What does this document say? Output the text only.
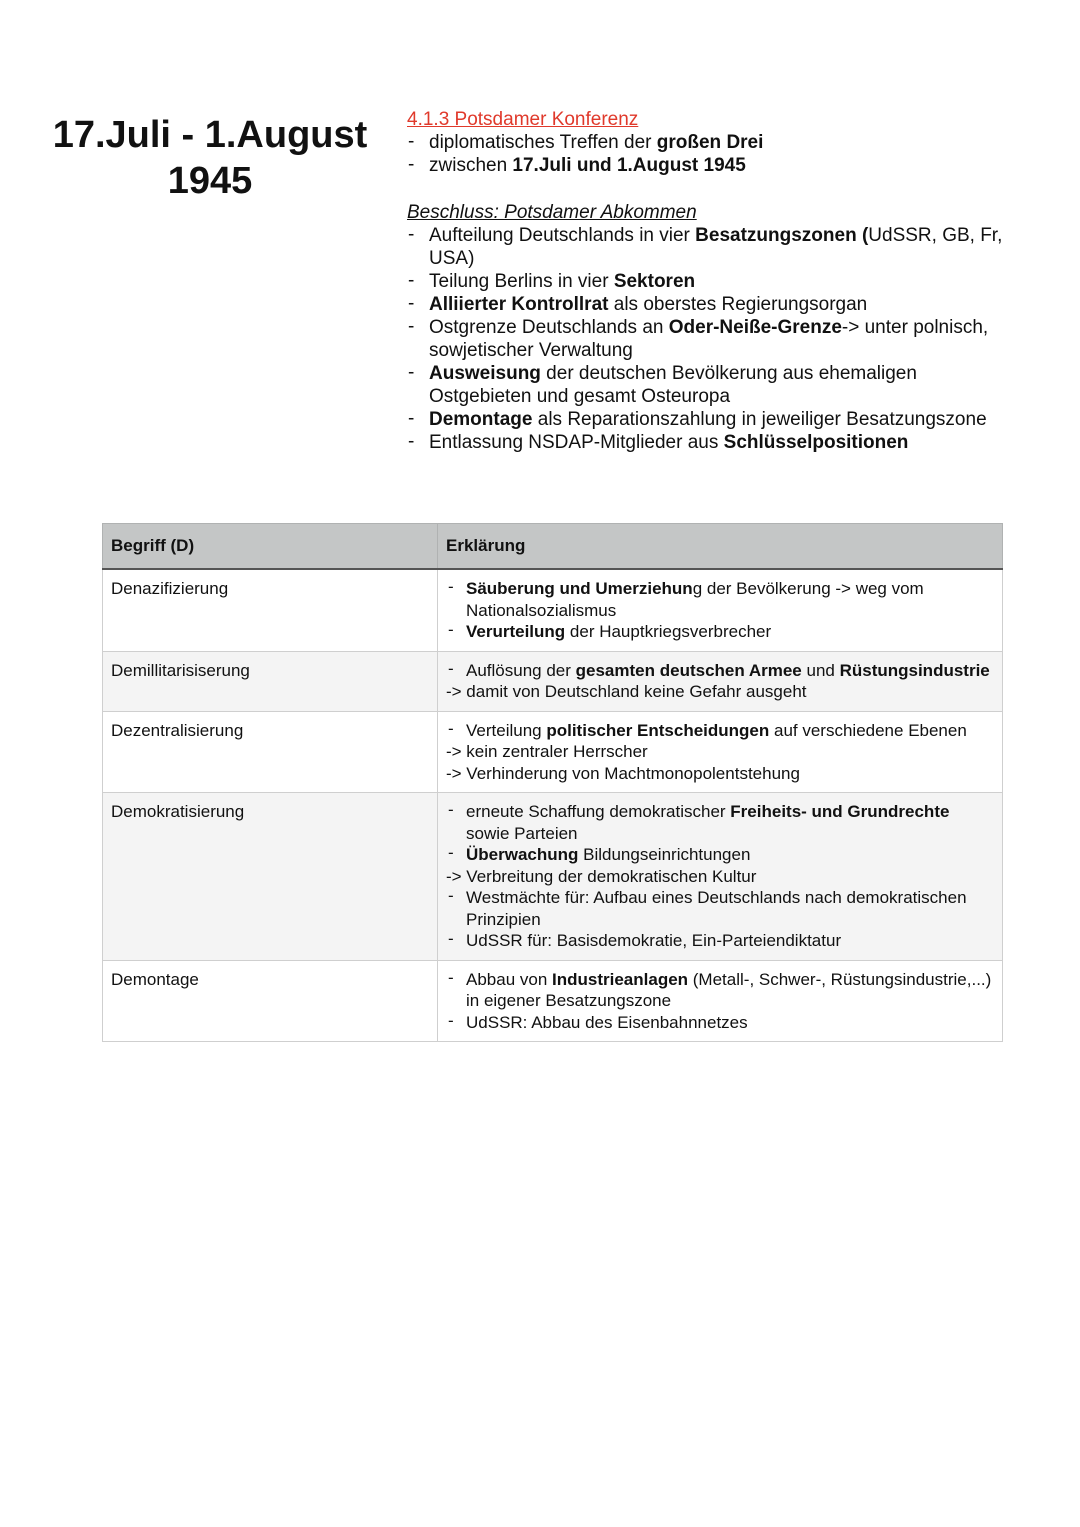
17.Juli - 1.August
1945
4.1.3 Potsdamer Konferenz
- diplomatisches Treffen der großen Drei
- zwischen 17.Juli und 1.August 1945
Beschluss: Potsdamer Abkommen
- Aufteilung Deutschlands in vier Besatzungszonen (UdSSR, GB, Fr, USA)
- Teilung Berlins in vier Sektoren
- Alliierter Kontrollrat als oberstes Regierungsorgan
- Ostgrenze Deutschlands an Oder-Neiße-Grenze-> unter polnisch, sowjetischer Verwaltung
- Ausweisung der deutschen Bevölkerung aus ehemaligen Ostgebieten und gesamt Osteuropa
- Demontage als Reparationszahlung in jeweiliger Besatzungszone
- Entlassung NSDAP-Mitglieder aus Schlüsselpositionen
Begriff (D)	Erklärung
Denazifizierung	- Säuberung und Umerziehung der Bevölkerung -> weg vom Nationalsozialismus
- Verurteilung der Hauptkriegsverbrecher

Demillitarisiserung	- Auflösung der gesamten deutschen Armee und Rüstungsindustrie
-> damit von Deutschland keine Gefahr ausgeht

Dezentralisierung	- Verteilung politischer Entscheidungen auf verschiedene Ebenen
-> kein zentraler Herrscher
-> Verhinderung von Machtmonopolentstehung

Demokratisierung	- erneute Schaffung demokratischer Freiheits- und Grundrechte sowie Parteien
- Überwachung Bildungseinrichtungen
-> Verbreitung der demokratischen Kultur
- Westmächte für: Aufbau eines Deutschlands nach demokratischen Prinzipien
- UdSSR für: Basisdemokratie, Ein-Parteiendiktatur

Demontage	- Abbau von Industrieanlagen (Metall-, Schwer-, Rüstungsindustrie,...) in eigener Besatzungszone
- UdSSR: Abbau des Eisenbahnnetzes
